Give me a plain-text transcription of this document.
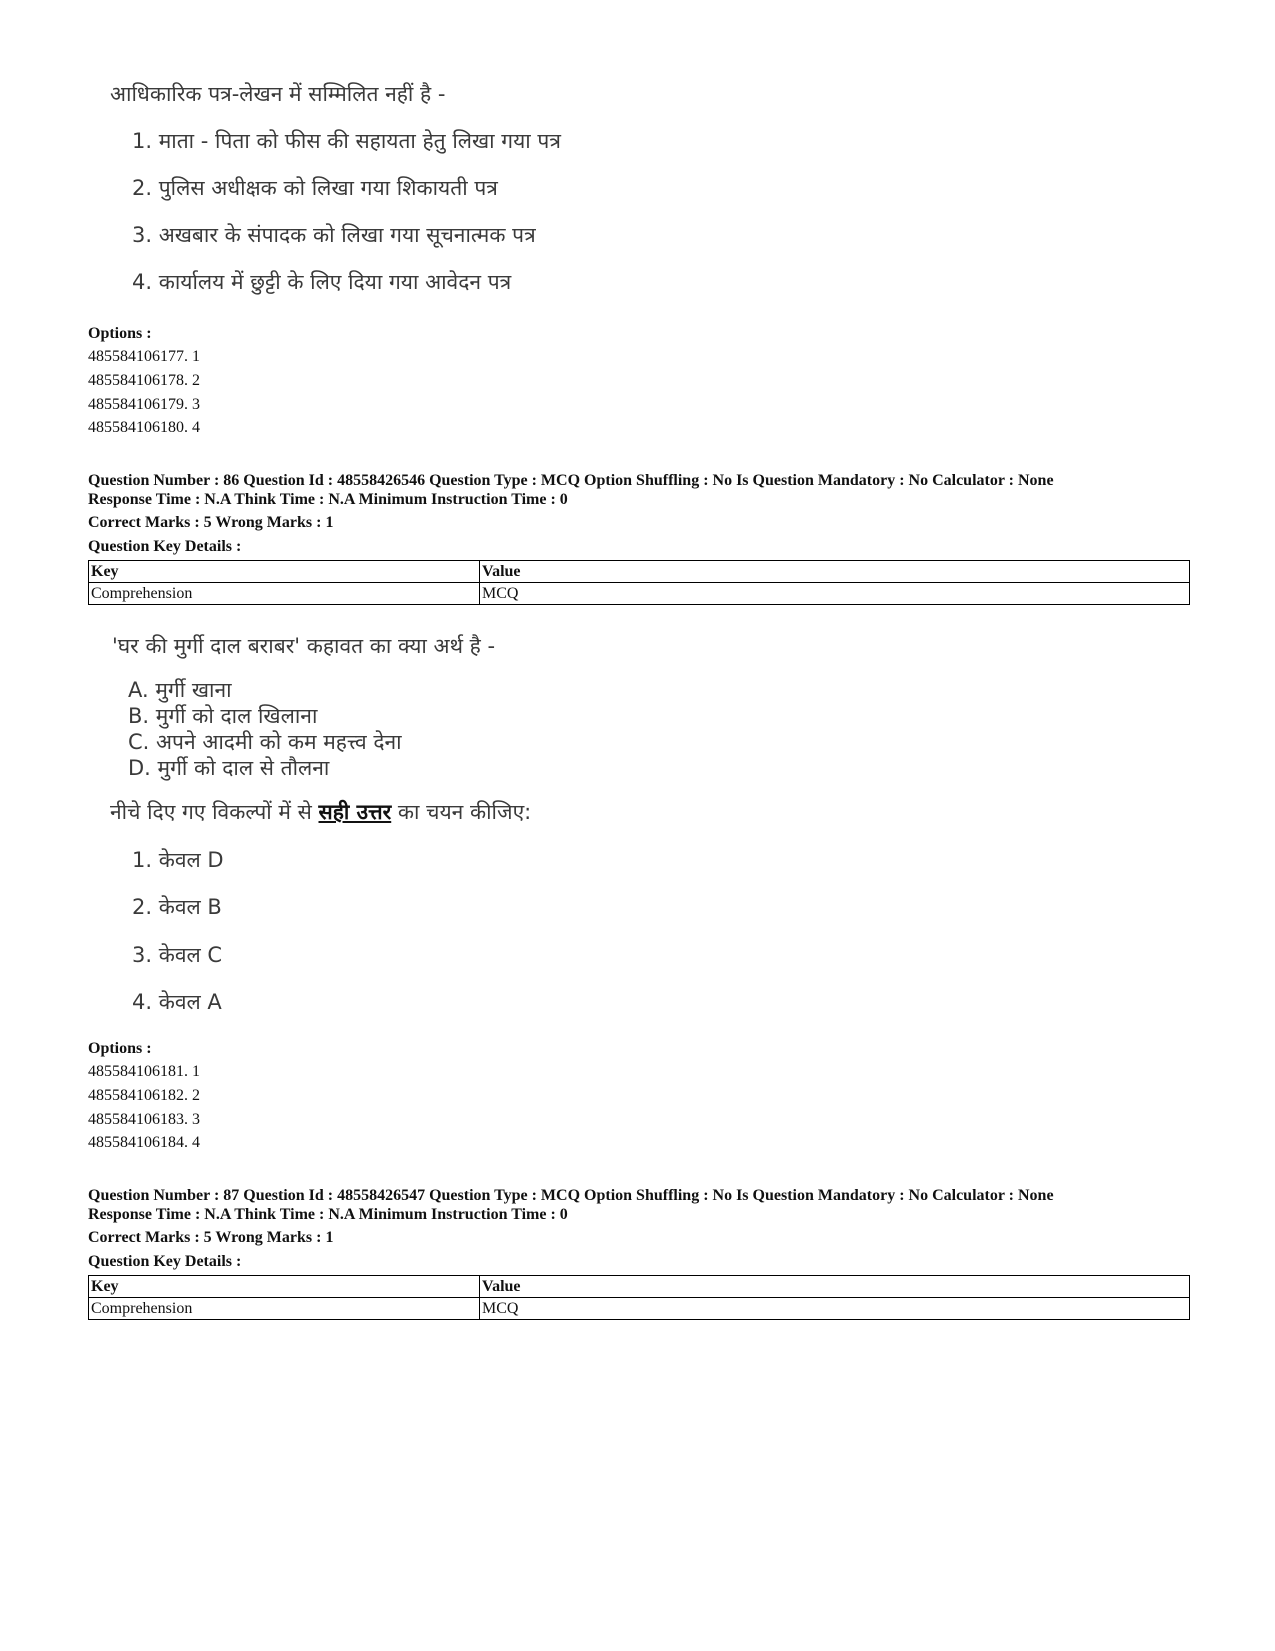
आधिकारिक पत्र-लेखन में सम्मिलित नहीं है -
1. माता - पिता को फीस की सहायता हेतु लिखा गया पत्र
2. पुलिस अधीक्षक को लिखा गया शिकायती पत्र
3. अखबार के संपादक को लिखा गया सूचनात्मक पत्र
4. कार्यालय में छुट्टी के लिए दिया गया आवेदन पत्र
Options :
485584106177. 1
485584106178. 2
485584106179. 3
485584106180. 4
Question Number : 86 Question Id : 48558426546 Question Type : MCQ Option Shuffling : No Is Question Mandatory : No Calculator : None
Response Time : N.A Think Time : N.A Minimum Instruction Time : 0
Correct Marks : 5 Wrong Marks : 1
Question Key Details :
Key	Value
Comprehension	MCQ
'घर की मुर्गी दाल बराबर' कहावत का क्या अर्थ है -
A. मुर्गी खाना
B. मुर्गी को दाल खिलाना
C. अपने आदमी को कम महत्त्व देना
D. मुर्गी को दाल से तौलना
नीचे दिए गए विकल्पों में से सही उत्तर का चयन कीजिए:
1. केवल D
2. केवल B
3. केवल C
4. केवल A
Options :
485584106181. 1
485584106182. 2
485584106183. 3
485584106184. 4
Question Number : 87 Question Id : 48558426547 Question Type : MCQ Option Shuffling : No Is Question Mandatory : No Calculator : None
Response Time : N.A Think Time : N.A Minimum Instruction Time : 0
Correct Marks : 5 Wrong Marks : 1
Question Key Details :
Key	Value
Comprehension	MCQ
